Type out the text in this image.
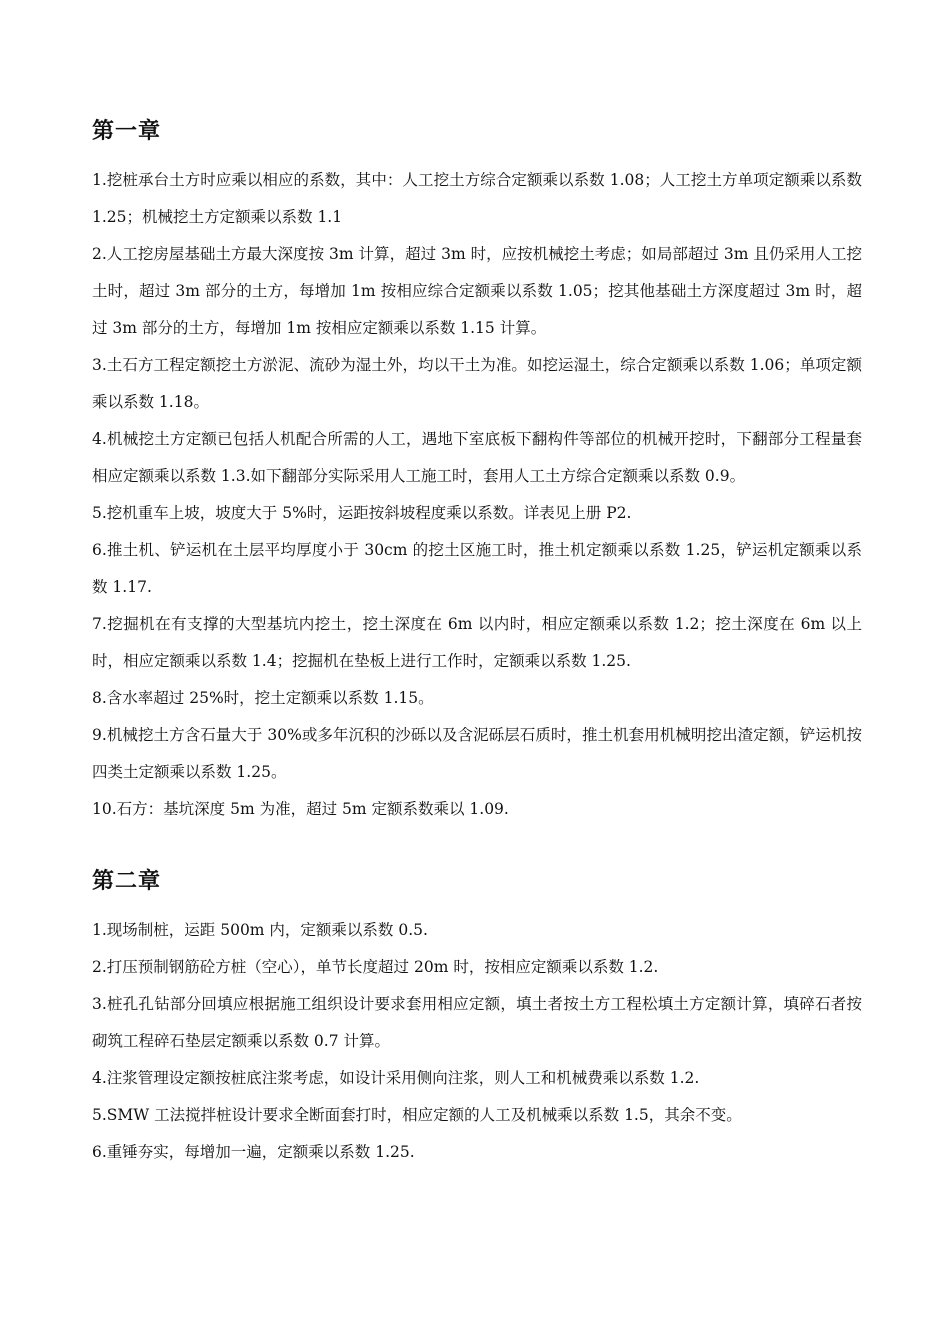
第一章

1.挖桩承台土方时应乘以相应的系数，其中：人工挖土方综合定额乘以系数 1.08；人工挖土方单项定额乘以系数 1.25；机械挖土方定额乘以系数 1.1

2.人工挖房屋基础土方最大深度按 3m 计算，超过 3m 时，应按机械挖土考虑；如局部超过 3m 且仍采用人工挖土时，超过 3m 部分的土方，每增加 1m 按相应综合定额乘以系数 1.05；挖其他基础土方深度超过 3m 时，超过 3m 部分的土方，每增加 1m 按相应定额乘以系数 1.15 计算。

3.土石方工程定额挖土方淤泥、流砂为湿土外，均以干土为准。如挖运湿土，综合定额乘以系数 1.06；单项定额乘以系数 1.18。

4.机械挖土方定额已包括人机配合所需的人工，遇地下室底板下翻构件等部位的机械开挖时，下翻部分工程量套相应定额乘以系数 1.3.如下翻部分实际采用人工施工时，套用人工土方综合定额乘以系数 0.9。

5.挖机重车上坡，坡度大于 5%时，运距按斜坡程度乘以系数。详表见上册 P2.

6.推土机、铲运机在土层平均厚度小于 30cm 的挖土区施工时，推土机定额乘以系数 1.25，铲运机定额乘以系数 1.17.

7.挖掘机在有支撑的大型基坑内挖土，挖土深度在 6m 以内时，相应定额乘以系数 1.2；挖土深度在 6m 以上时，相应定额乘以系数 1.4；挖掘机在垫板上进行工作时，定额乘以系数 1.25.

8.含水率超过 25%时，挖土定额乘以系数 1.15。

9.机械挖土方含石量大于 30%或多年沉积的沙砾以及含泥砾层石质时，推土机套用机械明挖出渣定额，铲运机按四类土定额乘以系数 1.25。

10.石方：基坑深度 5m 为准，超过 5m 定额系数乘以 1.09.

第二章

1.现场制桩，运距 500m 内，定额乘以系数 0.5.

2.打压预制钢筋砼方桩（空心），单节长度超过 20m 时，按相应定额乘以系数 1.2.

3.桩孔孔钻部分回填应根据施工组织设计要求套用相应定额，填土者按土方工程松填土方定额计算，填碎石者按砌筑工程碎石垫层定额乘以系数 0.7 计算。

4.注浆管理设定额按桩底注浆考虑，如设计采用侧向注浆，则人工和机械费乘以系数 1.2.

5.SMW 工法搅拌桩设计要求全断面套打时，相应定额的人工及机械乘以系数 1.5，其余不变。

6.重锤夯实，每增加一遍，定额乘以系数 1.25.
